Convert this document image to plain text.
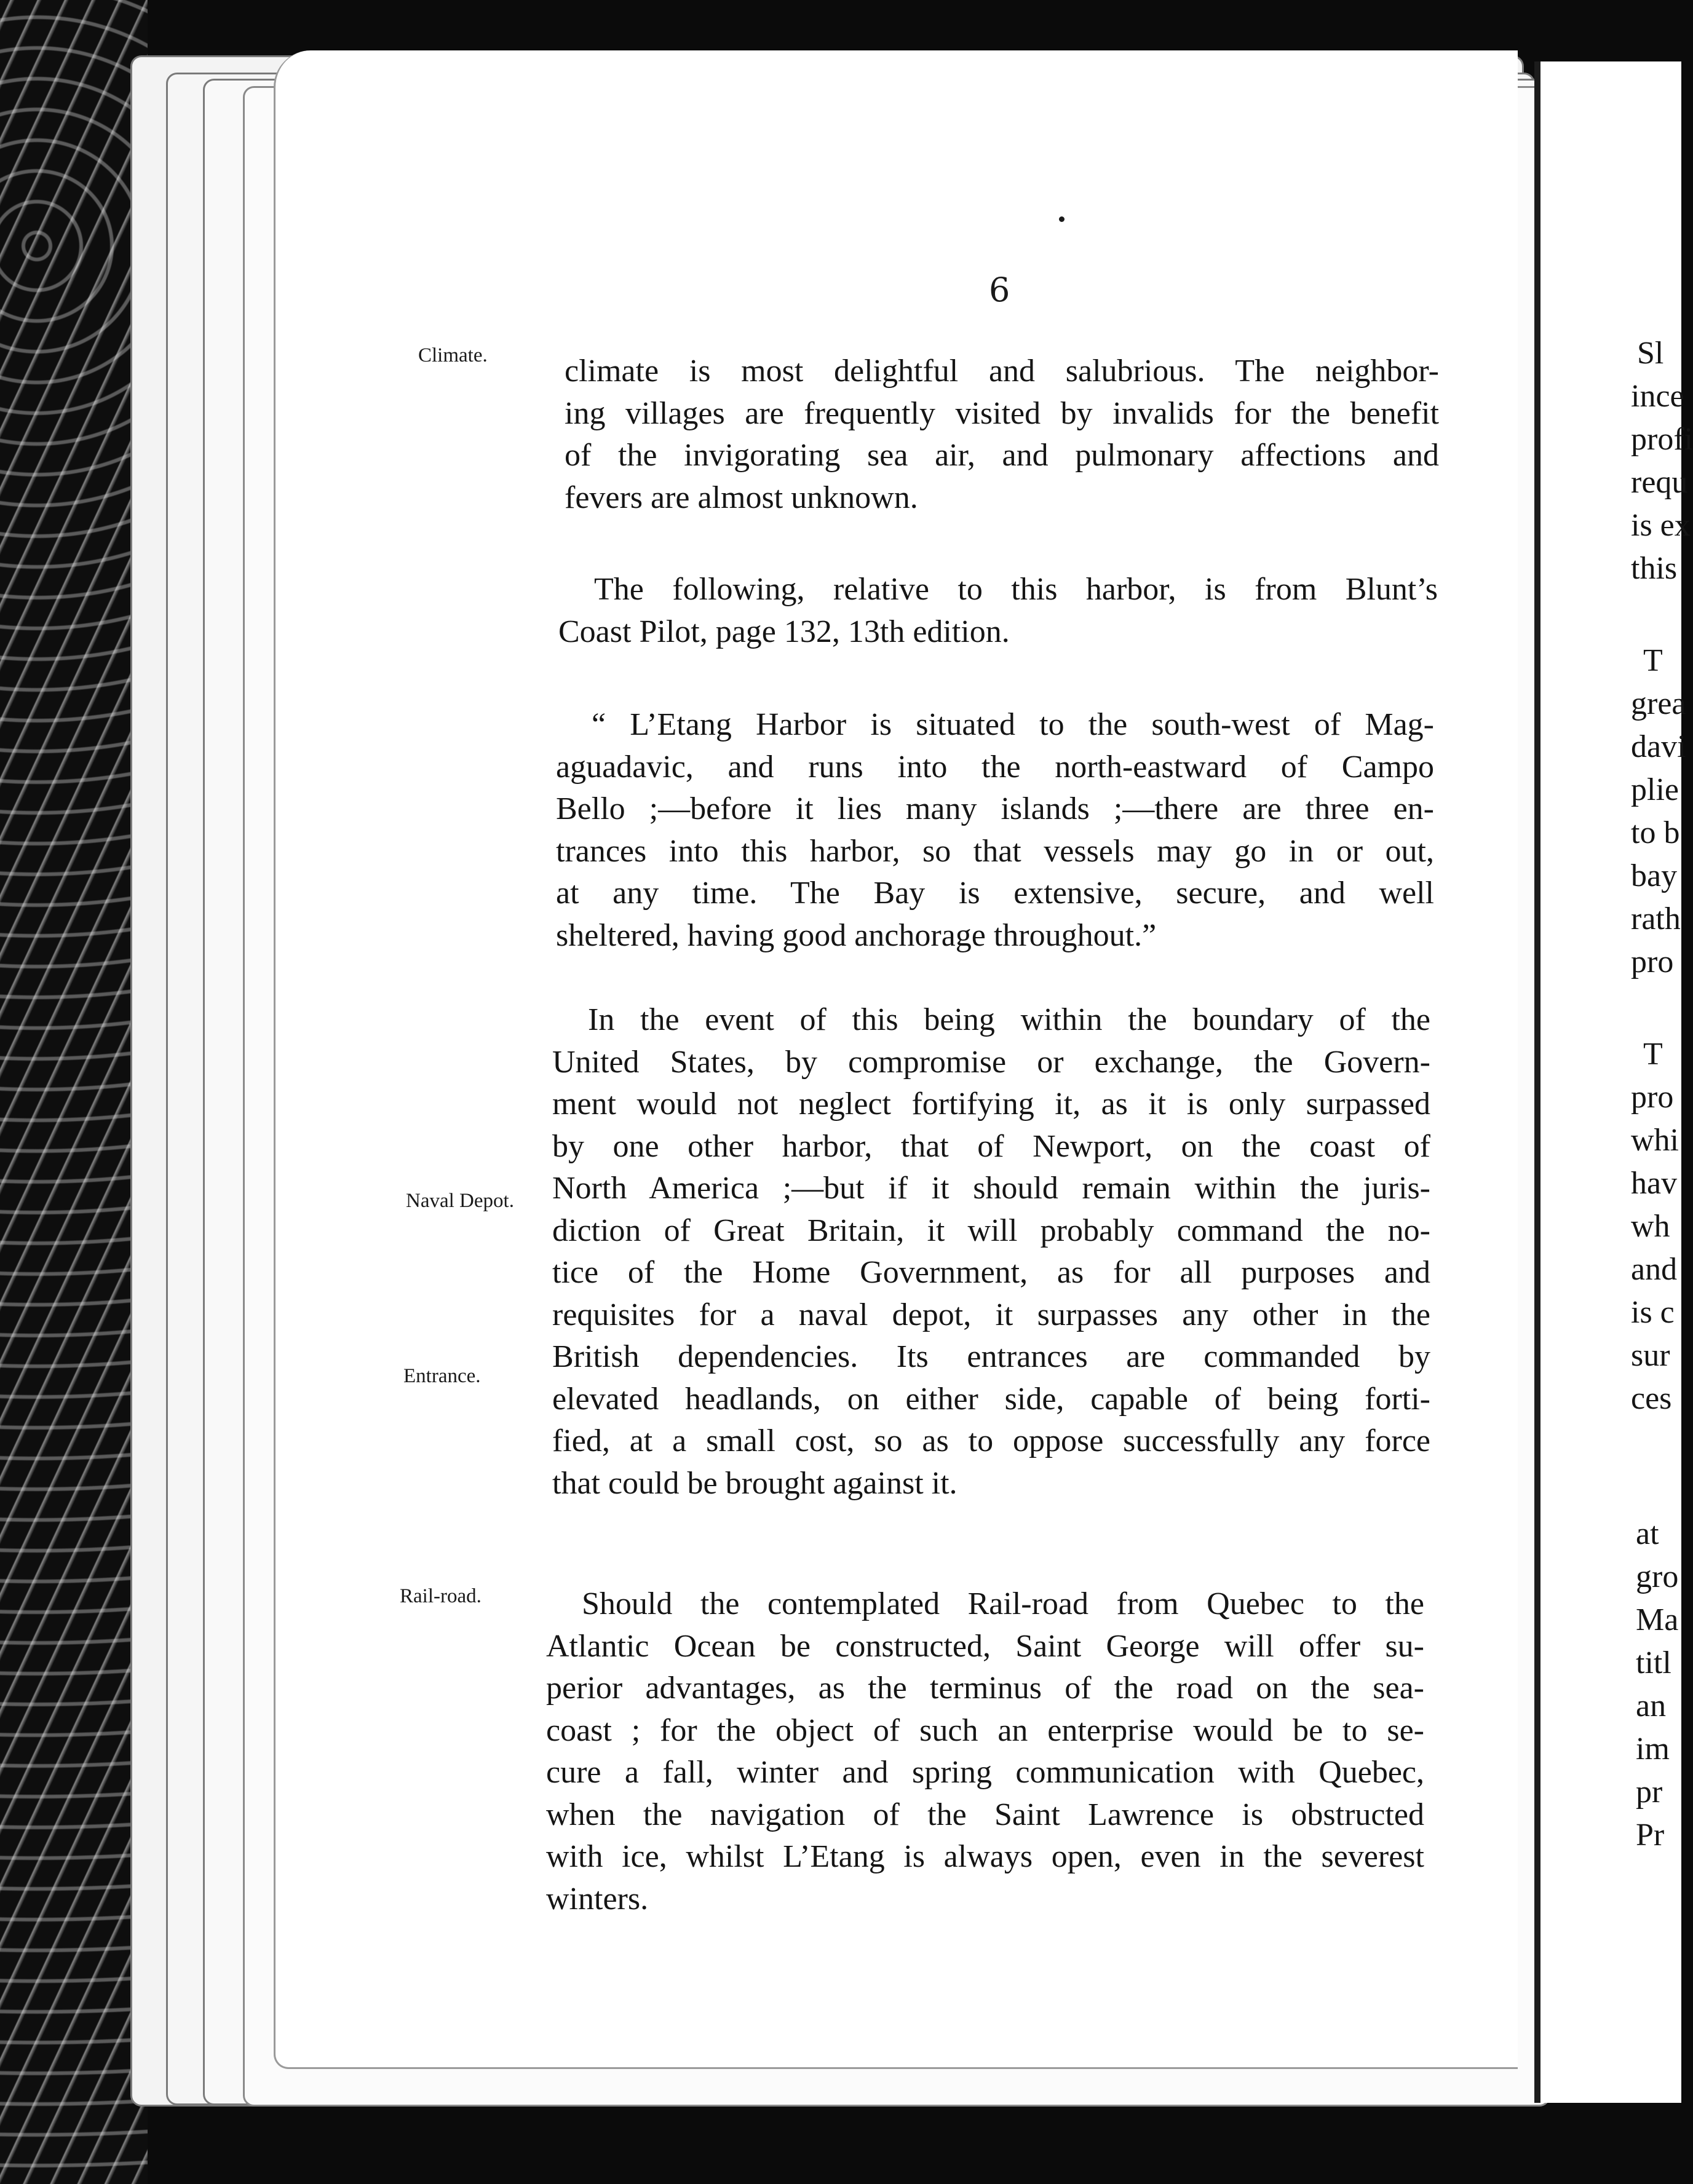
6
Climate.
Naval Depot.
Entrance.
Rail-road.
climate is most delightful and salubrious. The neighbor-
ing villages are frequently visited by invalids for the benefit
of the invigorating sea air, and pulmonary affections and
fevers are almost unknown.
The following, relative to this harbor, is from Blunt’s
Coast Pilot, page 132, 13th edition.
“ L’Etang Harbor is situated to the south-west of Mag-
aguadavic, and runs into the north-eastward of Campo
Bello ;—before it lies many islands ;—there are three en-
trances into this harbor, so that vessels may go in or out,
at any time. The Bay is extensive, secure, and well
sheltered, having good anchorage throughout.”
In the event of this being within the boundary of the
United States, by compromise or exchange, the Govern-
ment would not neglect fortifying it, as it is only surpassed
by one other harbor, that of Newport, on the coast of
North America ;—but if it should remain within the juris-
diction of Great Britain, it will probably command the no-
tice of the Home Government, as for all purposes and
requisites for a naval depot, it surpasses any other in the
British dependencies. Its entrances are commanded by
elevated headlands, on either side, capable of being forti-
fied, at a small cost, so as to oppose successfully any force
that could be brought against it.
Should the contemplated Rail-road from Quebec to the
Atlantic Ocean be constructed, Saint George will offer su-
perior advantages, as the terminus of the road on the sea-
coast ; for the object of such an enterprise would be to se-
cure a fall, winter and spring communication with Quebec,
when the navigation of the Saint Lawrence is obstructed
with ice, whilst L’Etang is always open, even in the severest
winters.
Sl
ince
profi
requ
is ex
this
T
grea
davi
plie
to b
bay
rath
pro
T
pro
whi
hav
wh
and
is c
sur
ces
at
gro
Ma
titl
an
im
pr
Pr
